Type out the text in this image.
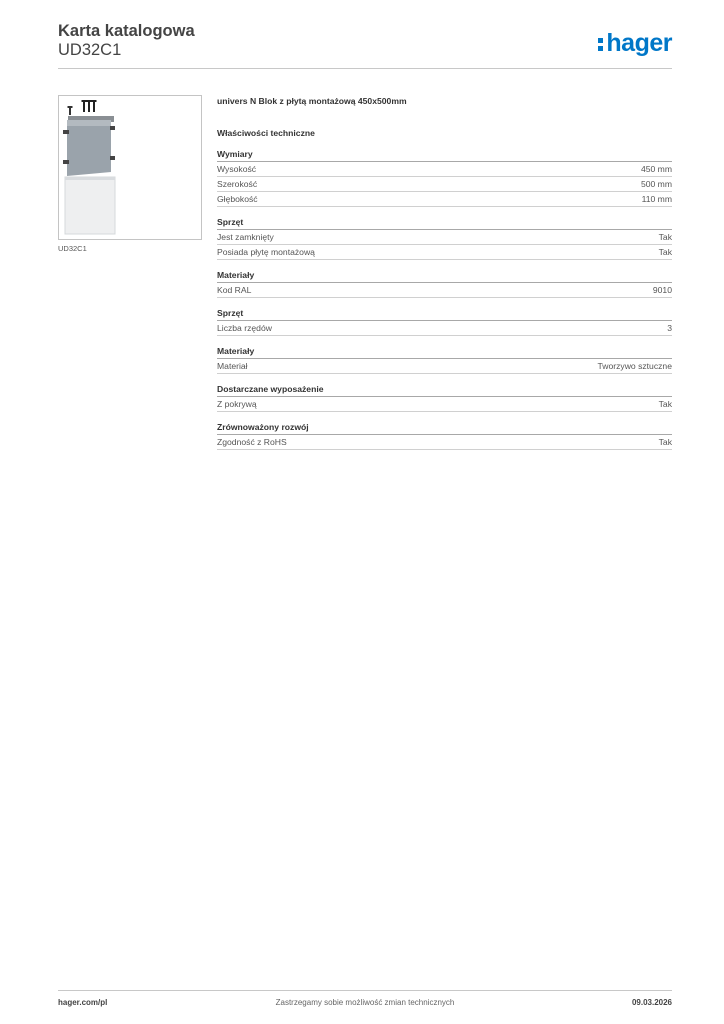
Karta katalogowa
UD32C1	hager
UD32C1
univers N Blok z płytą montażową 450x500mm
Właściwości techniczne
Wymiary
Wysokość	450 mm
Szerokość	500 mm
Głębokość	110 mm
Sprzęt
Jest zamknięty	Tak
Posiada płytę montażową	Tak
Materiały
Kod RAL	9010
Sprzęt
Liczba rzędów	3
Materiały
Materiał	Tworzywo sztuczne
Dostarczane wyposażenie
Z pokrywą	Tak
Zrównoważony rozwój
Zgodność z RoHS	Tak
hager.com/pl	Zastrzegamy sobie możliwość zmian technicznych	09.03.2026
